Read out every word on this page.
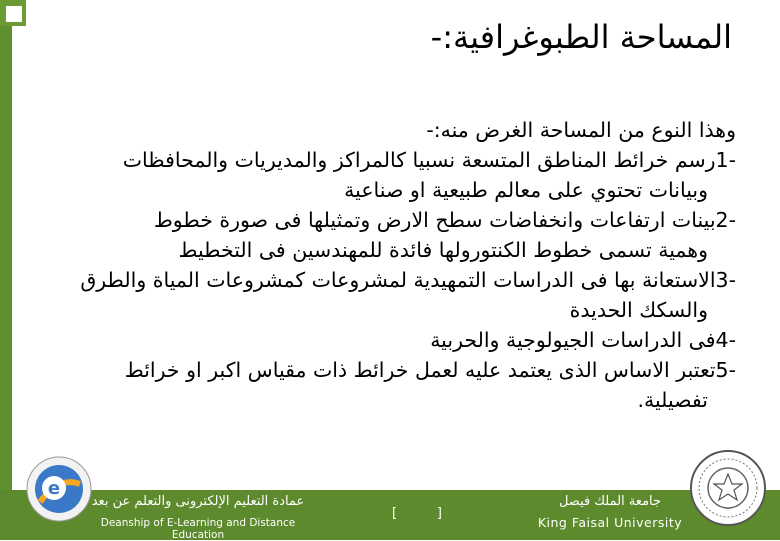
المساحة الطبوغرافية:-
وهذا النوع من المساحة الغرض منه:-
-1رسم خرائط المناطق المتسعة نسبيا كالمراكز والمديريات والمحافظات
وبيانات تحتوي على معالم طبيعية او صناعية
-2بينات ارتفاعات وانخفاضات سطح الارض وتمثيلها فى صورة خطوط
وهمية تسمى خطوط الكنتورولها فائدة للمهندسين فى التخطيط
-3الاستعانة بها فى الدراسات التمهيدية لمشروعات كمشروعات المياة والطرق
والسكك الحديدة
-4فى الدراسات الجيولوجية والحربية
-5تعتبر الاساس الذى يعتمد عليه لعمل خرائط ذات مقياس اكبر او خرائط
تفصيلية.
عمادة التعليم الإلكترونى والتعلم عن بعد
Deanship of E-Learning and Distance Education
جامعة الملك فيصل
King Faisal University
[	]
e
